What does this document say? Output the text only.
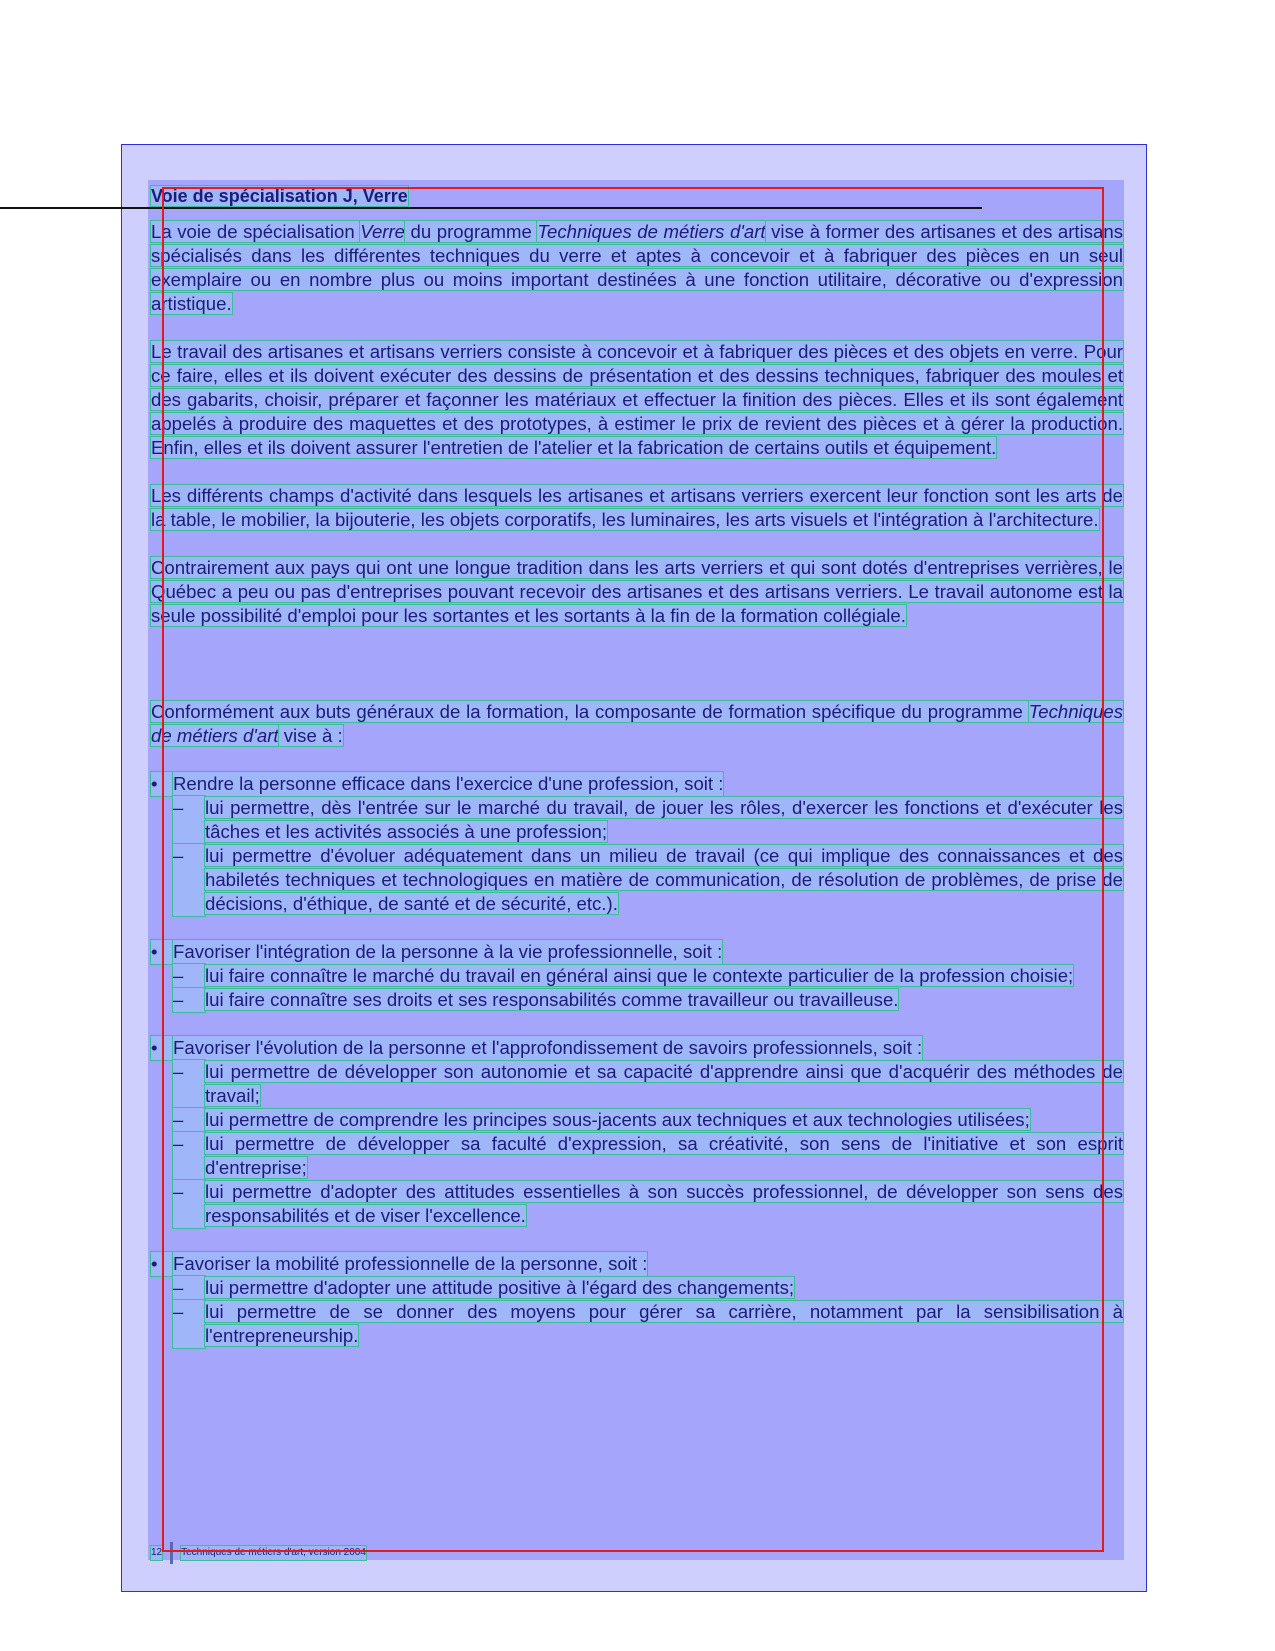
Voie de spécialisation J, Verre

La voie de spécialisation Verre du programme Techniques de métiers d'art vise à former des artisanes et des artisans spécialisés dans les différentes techniques du verre et aptes à concevoir et à fabriquer des pièces en un seul exemplaire ou en nombre plus ou moins important destinées à une fonction utilitaire, décorative ou d'expression artistique.

Le travail des artisanes et artisans verriers consiste à concevoir et à fabriquer des pièces et des objets en verre. Pour ce faire, elles et ils doivent exécuter des dessins de présentation et des dessins techniques, fabriquer des moules et des gabarits, choisir, préparer et façonner les matériaux et effectuer la finition des pièces. Elles et ils sont également appelés à produire des maquettes et des prototypes, à estimer le prix de revient des pièces et à gérer la production. Enfin, elles et ils doivent assurer l'entretien de l'atelier et la fabrication de certains outils et équipement.

Les différents champs d'activité dans lesquels les artisanes et artisans verriers exercent leur fonction sont les arts de la table, le mobilier, la bijouterie, les objets corporatifs, les luminaires, les arts visuels et l'intégration à l'architecture.

Contrairement aux pays qui ont une longue tradition dans les arts verriers et qui sont dotés d'entreprises verrières, le Québec a peu ou pas d'entreprises pouvant recevoir des artisanes et des artisans verriers. Le travail autonome est la seule possibilité d'emploi pour les sortantes et les sortants à la fin de la formation collégiale.

Conformément aux buts généraux de la formation, la composante de formation spécifique du programme Techniques de métiers d'art vise à :

• Rendre la personne efficace dans l'exercice d'une profession, soit :
–	lui permettre, dès l'entrée sur le marché du travail, de jouer les rôles, d'exercer les fonctions et d'exécuter les tâches et les activités associés à une profession;
–	lui permettre d'évoluer adéquatement dans un milieu de travail (ce qui implique des connaissances et des habiletés techniques et technologiques en matière de communication, de résolution de problèmes, de prise de décisions, d'éthique, de santé et de sécurité, etc.).
• Favoriser l'intégration de la personne à la vie professionnelle, soit :
–	lui faire connaître le marché du travail en général ainsi que le contexte particulier de la profession choisie;
–	lui faire connaître ses droits et ses responsabilités comme travailleur ou travailleuse.
• Favoriser l'évolution de la personne et l'approfondissement de savoirs professionnels, soit :
–	lui permettre de développer son autonomie et sa capacité d'apprendre ainsi que d'acquérir des méthodes de travail;
–	lui permettre de comprendre les principes sous-jacents aux techniques et aux technologies utilisées;
–	lui permettre de développer sa faculté d'expression, sa créativité, son sens de l'initiative et son esprit d'entreprise;
–	lui permettre d'adopter des attitudes essentielles à son succès professionnel, de développer son sens des responsabilités et de viser l'excellence.
• Favoriser la mobilité professionnelle de la personne, soit :
–	lui permettre d'adopter une attitude positive à l'égard des changements;
–	lui permettre de se donner des moyens pour gérer sa carrière, notamment par la sensibilisation à l'entrepreneurship.
12 Techniques de métiers d'art, version 2004
